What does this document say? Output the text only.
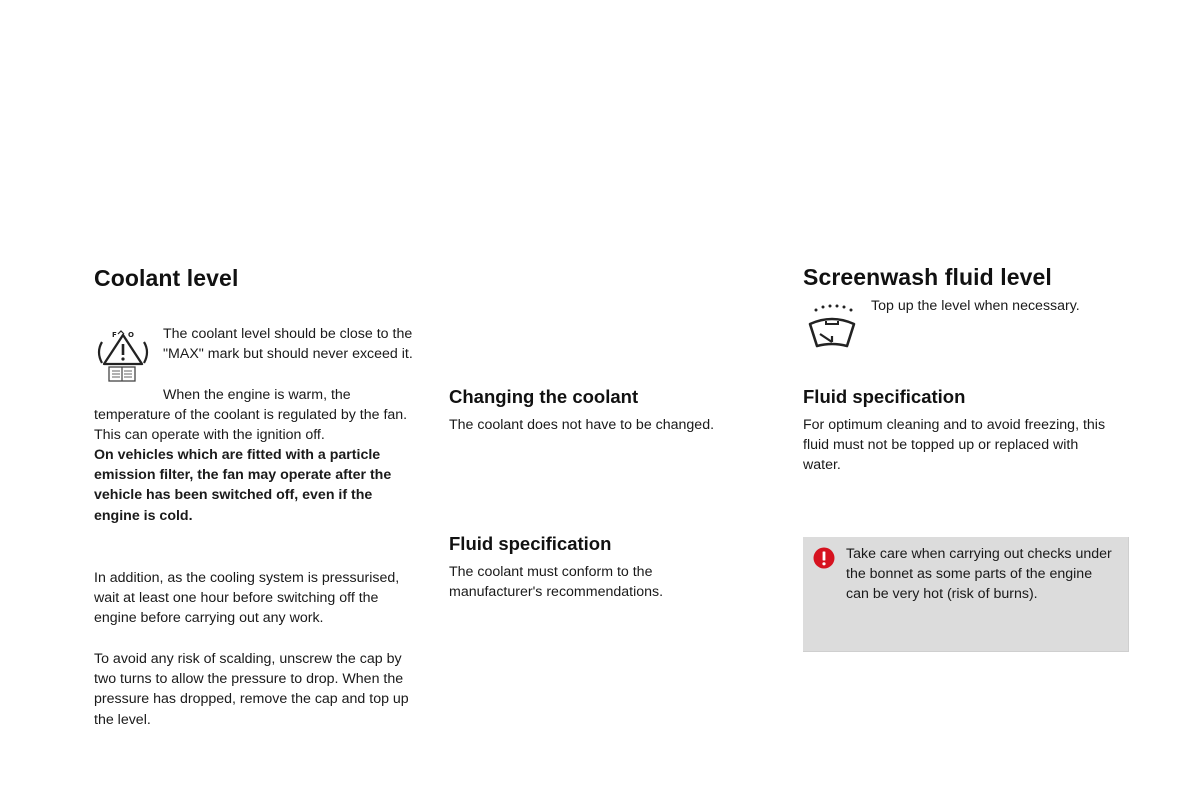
Coolant level
F O The coolant level should be close to the "MAX" mark but should never exceed it.

When the engine is warm, the

temperature of the coolant is regulated by the fan. This can operate with the ignition off.

On vehicles which are fitted with a particle emission filter, the fan may operate after the vehicle has been switched off, even if the engine is cold.

In addition, as the cooling system is pressurised, wait at least one hour before switching off the engine before carrying out any work.

To avoid any risk of scalding, unscrew the cap by two turns to allow the pressure to drop. When the pressure has dropped, remove the cap and top up the level.

Changing the coolant

The coolant does not have to be changed.

Fluid specification

The coolant must conform to the manufacturer's recommendations.

Screenwash fluid level

Top up the level when necessary.

Fluid specification

For optimum cleaning and to avoid freezing, this fluid must not be topped up or replaced with water.

Take care when carrying out checks under the bonnet as some parts of the engine can be very hot (risk of burns).
